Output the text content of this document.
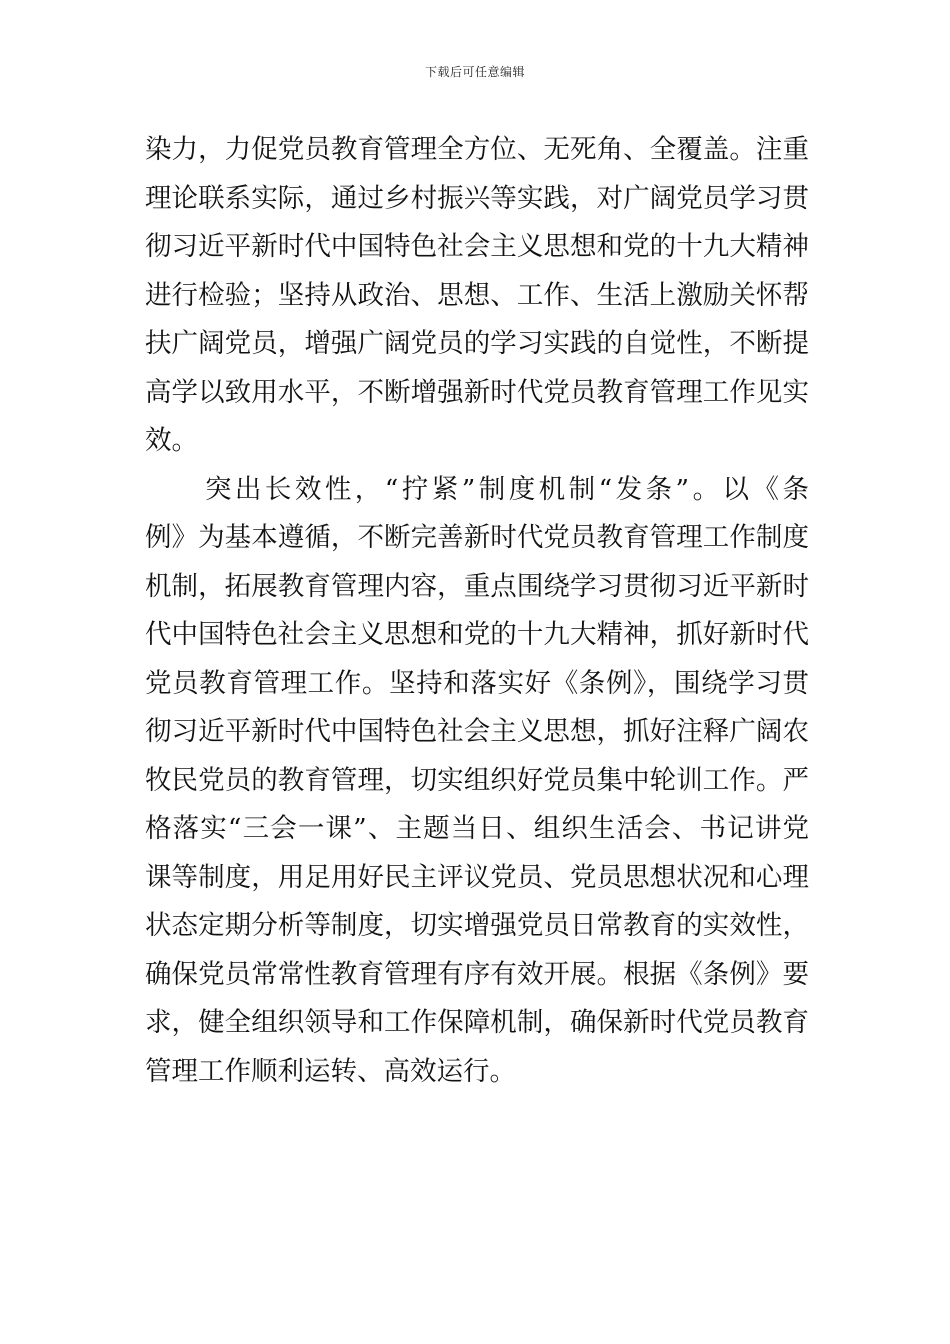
下载后可任意编辑
染力，力促党员教育管理全方位、无死角、全覆盖。注重
理论联系实际，通过乡村振兴等实践，对广阔党员学习贯
彻习近平新时代中国特色社会主义思想和党的十九大精神
进行检验；坚持从政治、思想、工作、生活上激励关怀帮
扶广阔党员，增强广阔党员的学习实践的自觉性，不断提
高学以致用水平，不断增强新时代党员教育管理工作见实
效。
　　突出长效性，“拧紧”制度机制“发条”。以《条
例》为基本遵循，不断完善新时代党员教育管理工作制度
机制，拓展教育管理内容，重点围绕学习贯彻习近平新时
代中国特色社会主义思想和党的十九大精神，抓好新时代
党员教育管理工作。坚持和落实好《条例》，围绕学习贯
彻习近平新时代中国特色社会主义思想，抓好注释广阔农
牧民党员的教育管理，切实组织好党员集中轮训工作。严
格落实“三会一课”、主题当日、组织生活会、书记讲党
课等制度，用足用好民主评议党员、党员思想状况和心理
状态定期分析等制度，切实增强党员日常教育的实效性，
确保党员常常性教育管理有序有效开展。根据《条例》要
求，健全组织领导和工作保障机制，确保新时代党员教育
管理工作顺利运转、高效运行。
